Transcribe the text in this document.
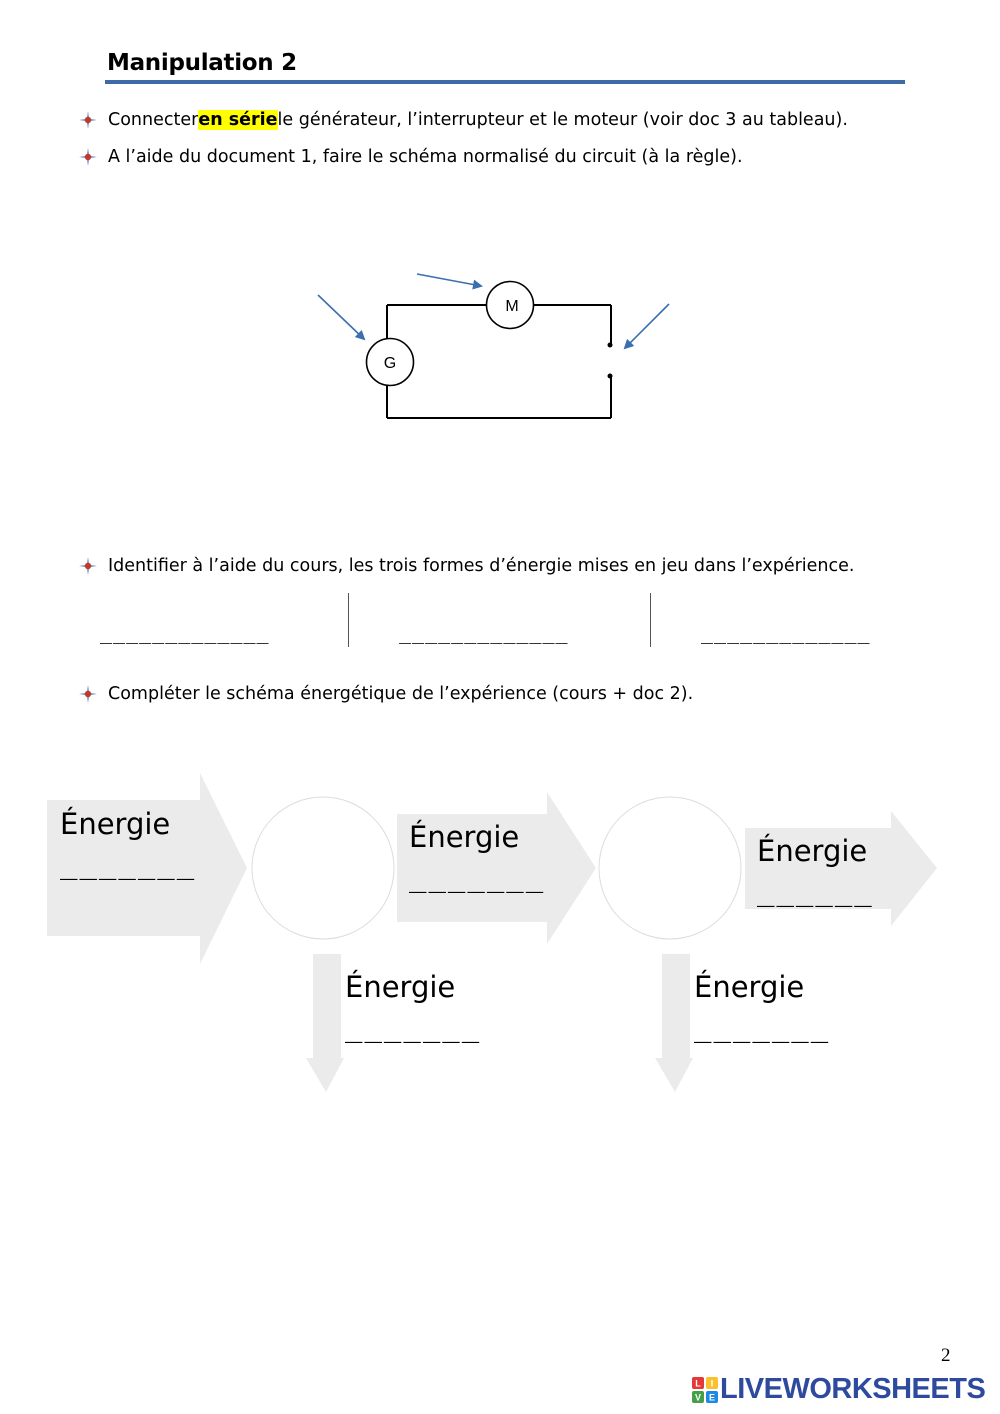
Manipulation 2
Connecter en série le générateur, l’interrupteur et le moteur (voir doc 3 au tableau).
A l’aide du document 1, faire le schéma normalisé du circuit (à la règle).
G
M
Identifier à l’aide du cours, les trois formes d’énergie mises en jeu dans l’expérience.
_____________	_____________	_____________
Compléter le schéma énergétique de l’expérience (cours + doc 2).
Énergie
_______
Énergie
_______
Énergie
______
Énergie
_______
Énergie
_______
2
L I
V E LIVEWORKSHEETS
